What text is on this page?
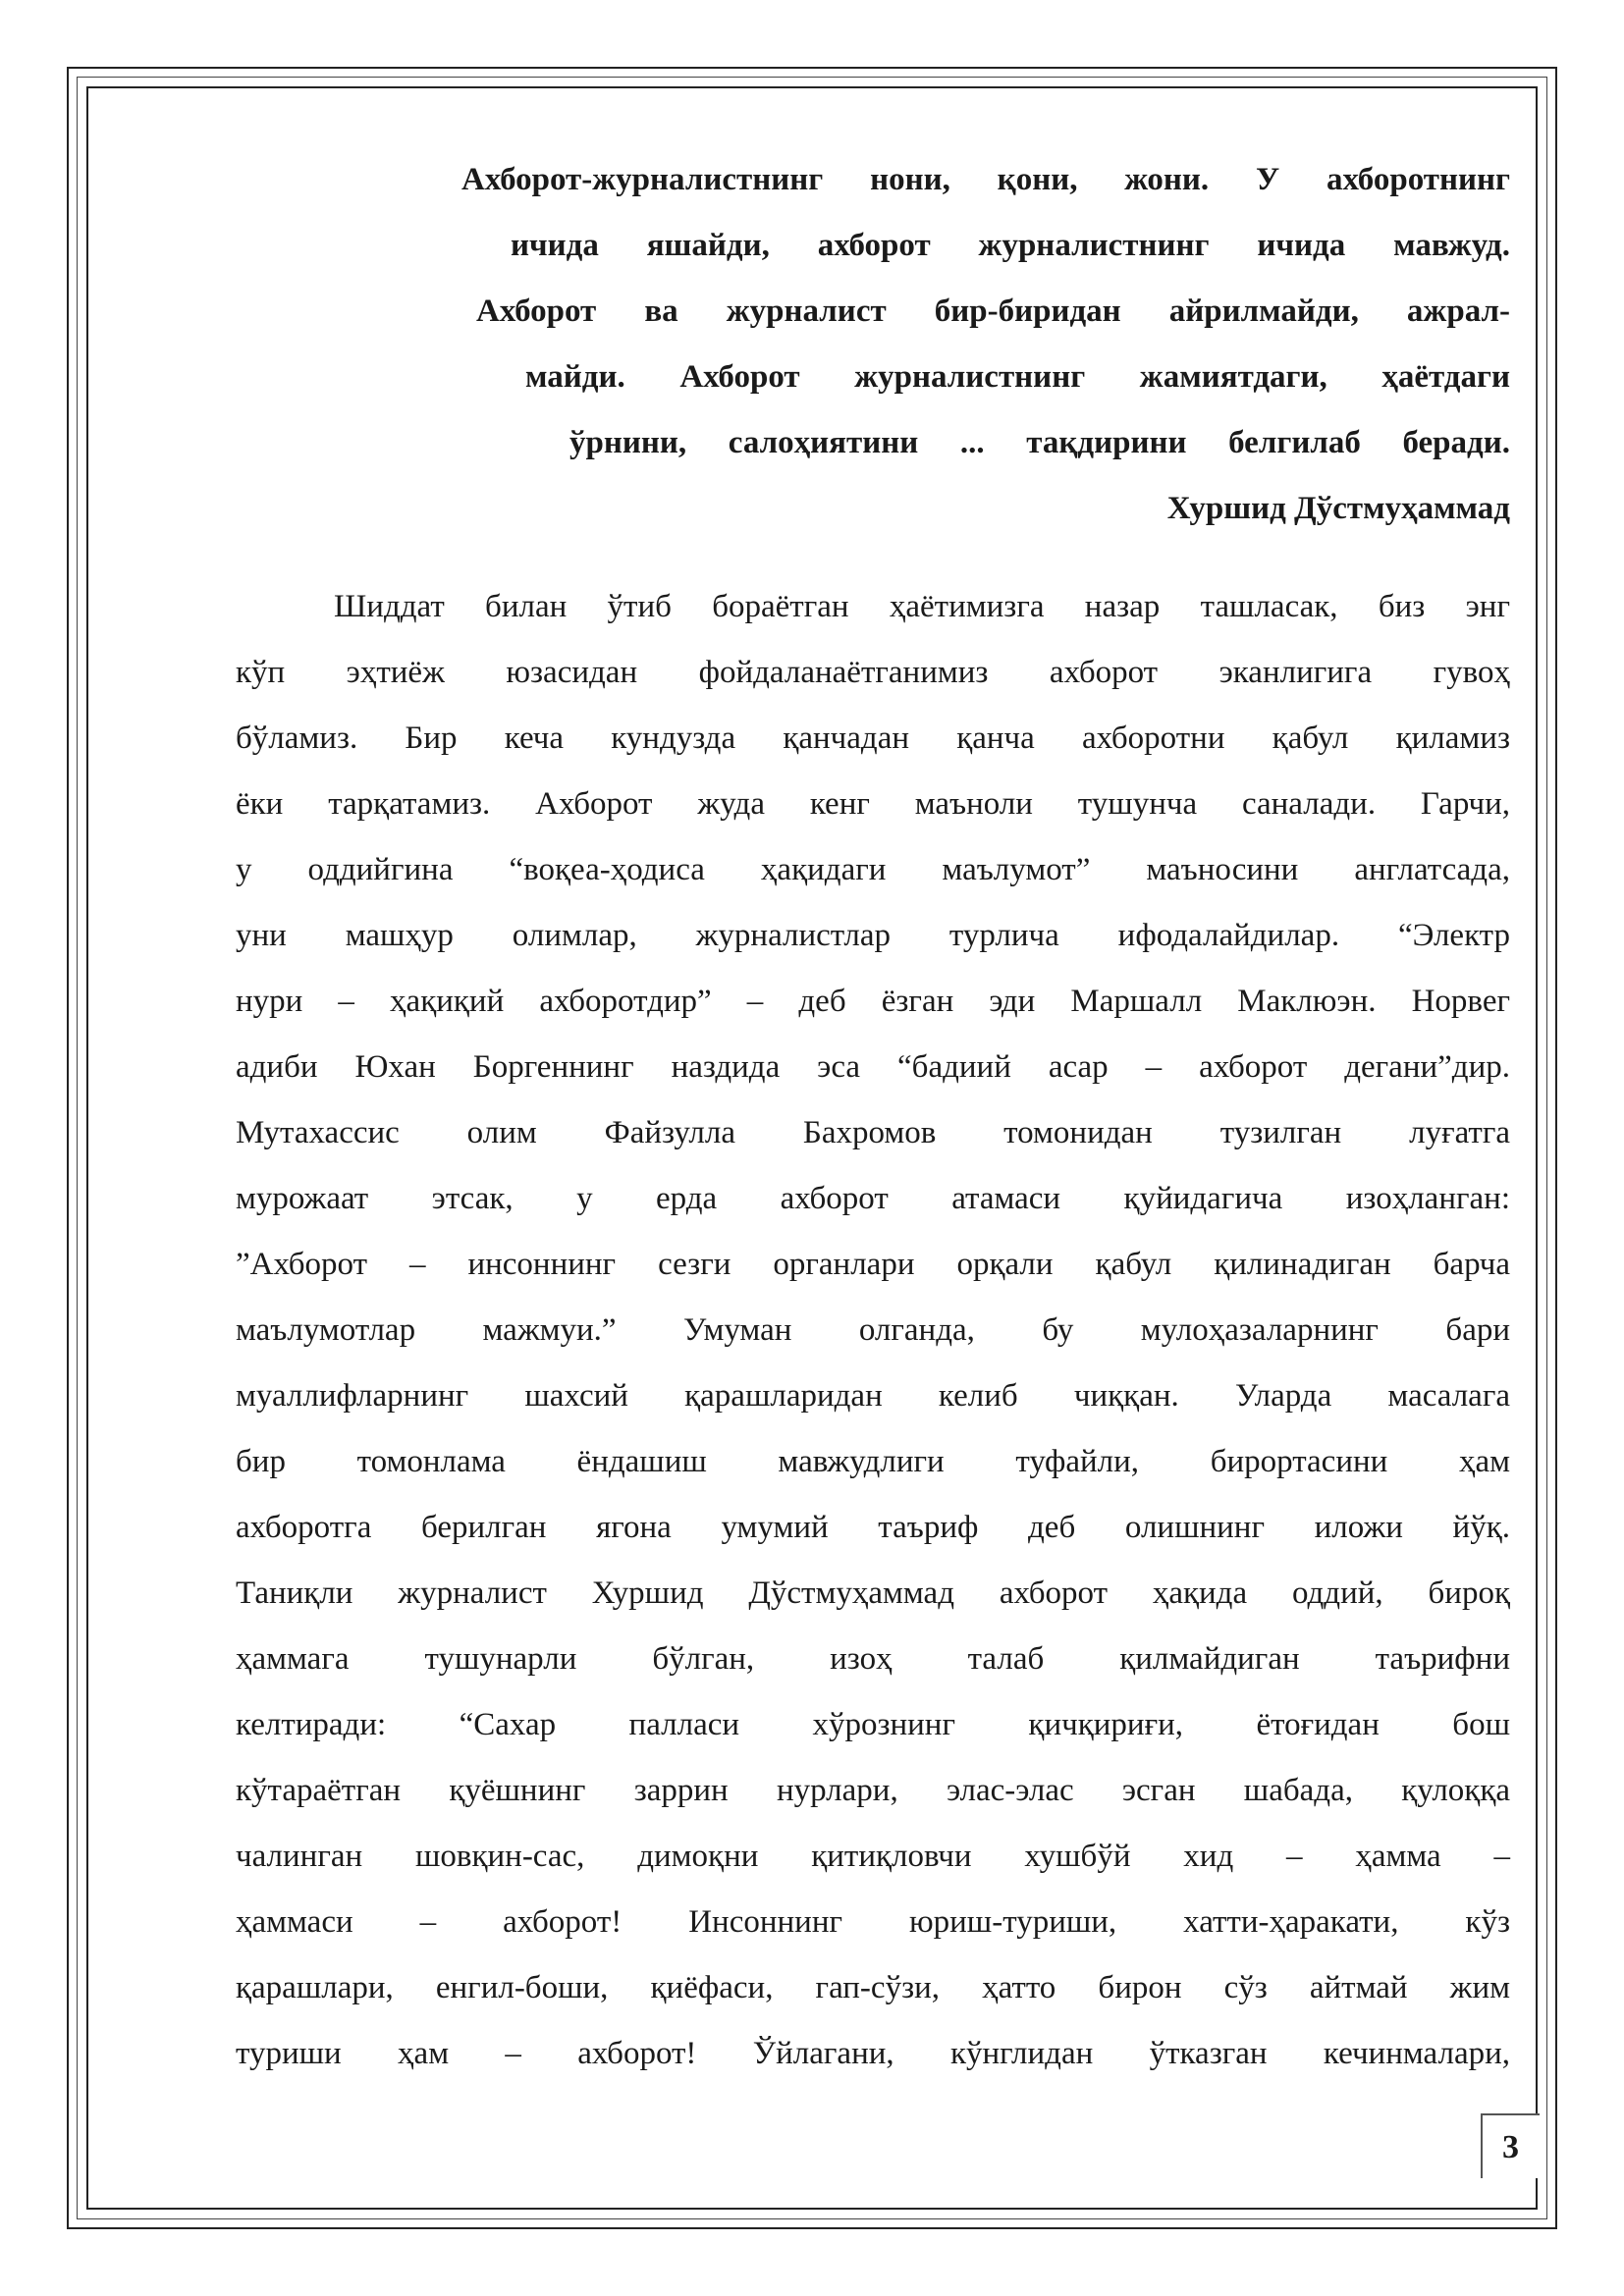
Ахборот-журналистнинг нони, қони, жони. У ахборотнинг
ичида яшайди, ахборот журналистнинг ичида мавжуд.
Ахборот ва журналист бир-биридан айрилмайди, ажрал-
майди. Ахборот журналистнинг жамиятдаги, ҳаётдаги
ўрнини, салоҳиятини ... тақдирини белгилаб беради.
Хуршид Дўстмуҳаммад
Шиддат билан ўтиб бораётган ҳаётимизга назар ташласак, биз энг
кўп эҳтиёж юзасидан фойдаланаётганимиз ахборот эканлигига гувоҳ
бўламиз. Бир кеча кундузда қанчадан қанча ахборотни қабул қиламиз
ёки тарқатамиз. Ахборот жуда кенг маъноли тушунча саналади. Гарчи,
у оддийгина “воқеа-ҳодиса ҳақидаги маълумот” маъносини англатсада,
уни машҳур олимлар, журналистлар турлича ифодалайдилар. “Электр
нури – ҳақиқий ахборотдир” – деб ёзган эди Маршалл Маклюэн. Норвег
адиби Юхан Боргеннинг наздида эса “бадиий асар – ахборот дегани”дир.
Мутахассис олим Файзулла Бахромов томонидан тузилган луғатга
мурожаат этсак, у ерда ахборот атамаси қуйидагича изоҳланган:
”Ахборот – инсоннинг сезги органлари орқали қабул қилинадиган барча
маълумотлар мажмуи.” Умуман олганда, бу мулоҳазаларнинг бари
муаллифларнинг шахсий қарашларидан келиб чиққан. Уларда масалага
бир томонлама ёндашиш мавжудлиги туфайли, бирортасини ҳам
ахборотга берилган ягона умумий таъриф деб олишнинг иложи йўқ.
Таниқли журналист Хуршид Дўстмуҳаммад ахборот ҳақида оддий, бироқ
ҳаммага тушунарли бўлган, изоҳ талаб қилмайдиган таърифни
келтиради: “Сахар палласи хўрознинг қичқириғи, ётоғидан бош
кўтараётган қуёшнинг заррин нурлари, элас-элас эсган шабада, қулоққа
чалинган шовқин-сас, димоқни қитиқловчи хушбўй хид – ҳамма –
ҳаммаси – ахборот! Инсоннинг юриш-туриши, хатти-ҳаракати, кўз
қарашлари, енгил-боши, қиёфаси, гап-сўзи, ҳатто бирон сўз айтмай жим
туриши ҳам – ахборот! Ўйлагани, кўнглидан ўтказган кечинмалари,
3
